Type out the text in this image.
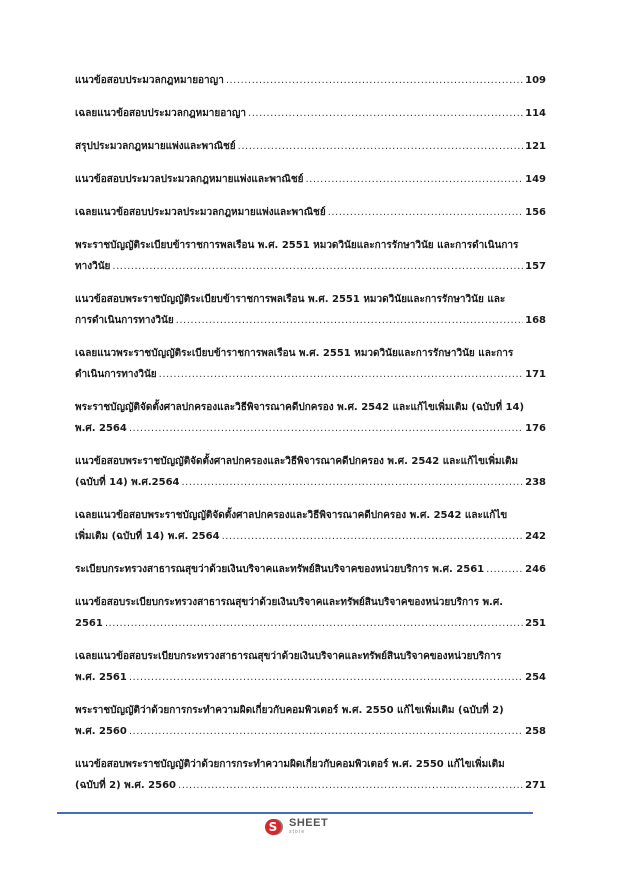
แนวข้อสอบประมวลกฎหมายอาญา .....	109
เฉลยแนวข้อสอบประมวลกฎหมายอาญา .....	114
สรุปประมวลกฎหมายแพ่งและพาณิชย์ .....	121
แนวข้อสอบประมวลประมวลกฎหมายแพ่งและพาณิชย์ .....	149
เฉลยแนวข้อสอบประมวลประมวลกฎหมายแพ่งและพาณิชย์ .....	156
พระราชบัญญัติระเบียบข้าราชการพลเรือน พ.ศ. 2551 หมวดวินัยและการรักษาวินัย และการดำเนินการ
ทางวินัย .....	157
แนวข้อสอบพระราชบัญญัติระเบียบข้าราชการพลเรือน พ.ศ. 2551 หมวดวินัยและการรักษาวินัย และ
การดำเนินการทางวินัย .....	168
เฉลยแนวพระราชบัญญัติระเบียบข้าราชการพลเรือน พ.ศ. 2551 หมวดวินัยและการรักษาวินัย และการ
ดำเนินการทางวินัย .....	171
พระราชบัญญัติจัดตั้งศาลปกครองและวิธีพิจารณาคดีปกครอง พ.ศ. 2542 และแก้ไขเพิ่มเติม (ฉบับที่ 14)
พ.ศ. 2564 .....	176
แนวข้อสอบพระราชบัญญัติจัดตั้งศาลปกครองและวิธีพิจารณาคดีปกครอง พ.ศ. 2542 และแก้ไขเพิ่มเติม
(ฉบับที่ 14) พ.ศ.2564 .....	238
เฉลยแนวข้อสอบพระราชบัญญัติจัดตั้งศาลปกครองและวิธีพิจารณาคดีปกครอง พ.ศ. 2542 และแก้ไข
เพิ่มเติม (ฉบับที่ 14) พ.ศ. 2564 .....	242
ระเบียบกระทรวงสาธารณสุขว่าด้วยเงินบริจาคและทรัพย์สินบริจาคของหน่วยบริการ พ.ศ. 2561 .....	246
แนวข้อสอบระเบียบกระทรวงสาธารณสุขว่าด้วยเงินบริจาคและทรัพย์สินบริจาคของหน่วยบริการ พ.ศ.
2561 .....	251
เฉลยแนวข้อสอบระเบียบกระทรวงสาธารณสุขว่าด้วยเงินบริจาคและทรัพย์สินบริจาคของหน่วยบริการ
พ.ศ. 2561 .....	254
พระราชบัญญัติว่าด้วยการกระทำความผิดเกี่ยวกับคอมพิวเตอร์ พ.ศ. 2550 แก้ไขเพิ่มเติม (ฉบับที่ 2)
พ.ศ. 2560 .....	258
แนวข้อสอบพระราชบัญญัติว่าด้วยการกระทำความผิดเกี่ยวกับคอมพิวเตอร์ พ.ศ. 2550 แก้ไขเพิ่มเติม
(ฉบับที่ 2) พ.ศ. 2560 .....	271
S	SHEET
store
